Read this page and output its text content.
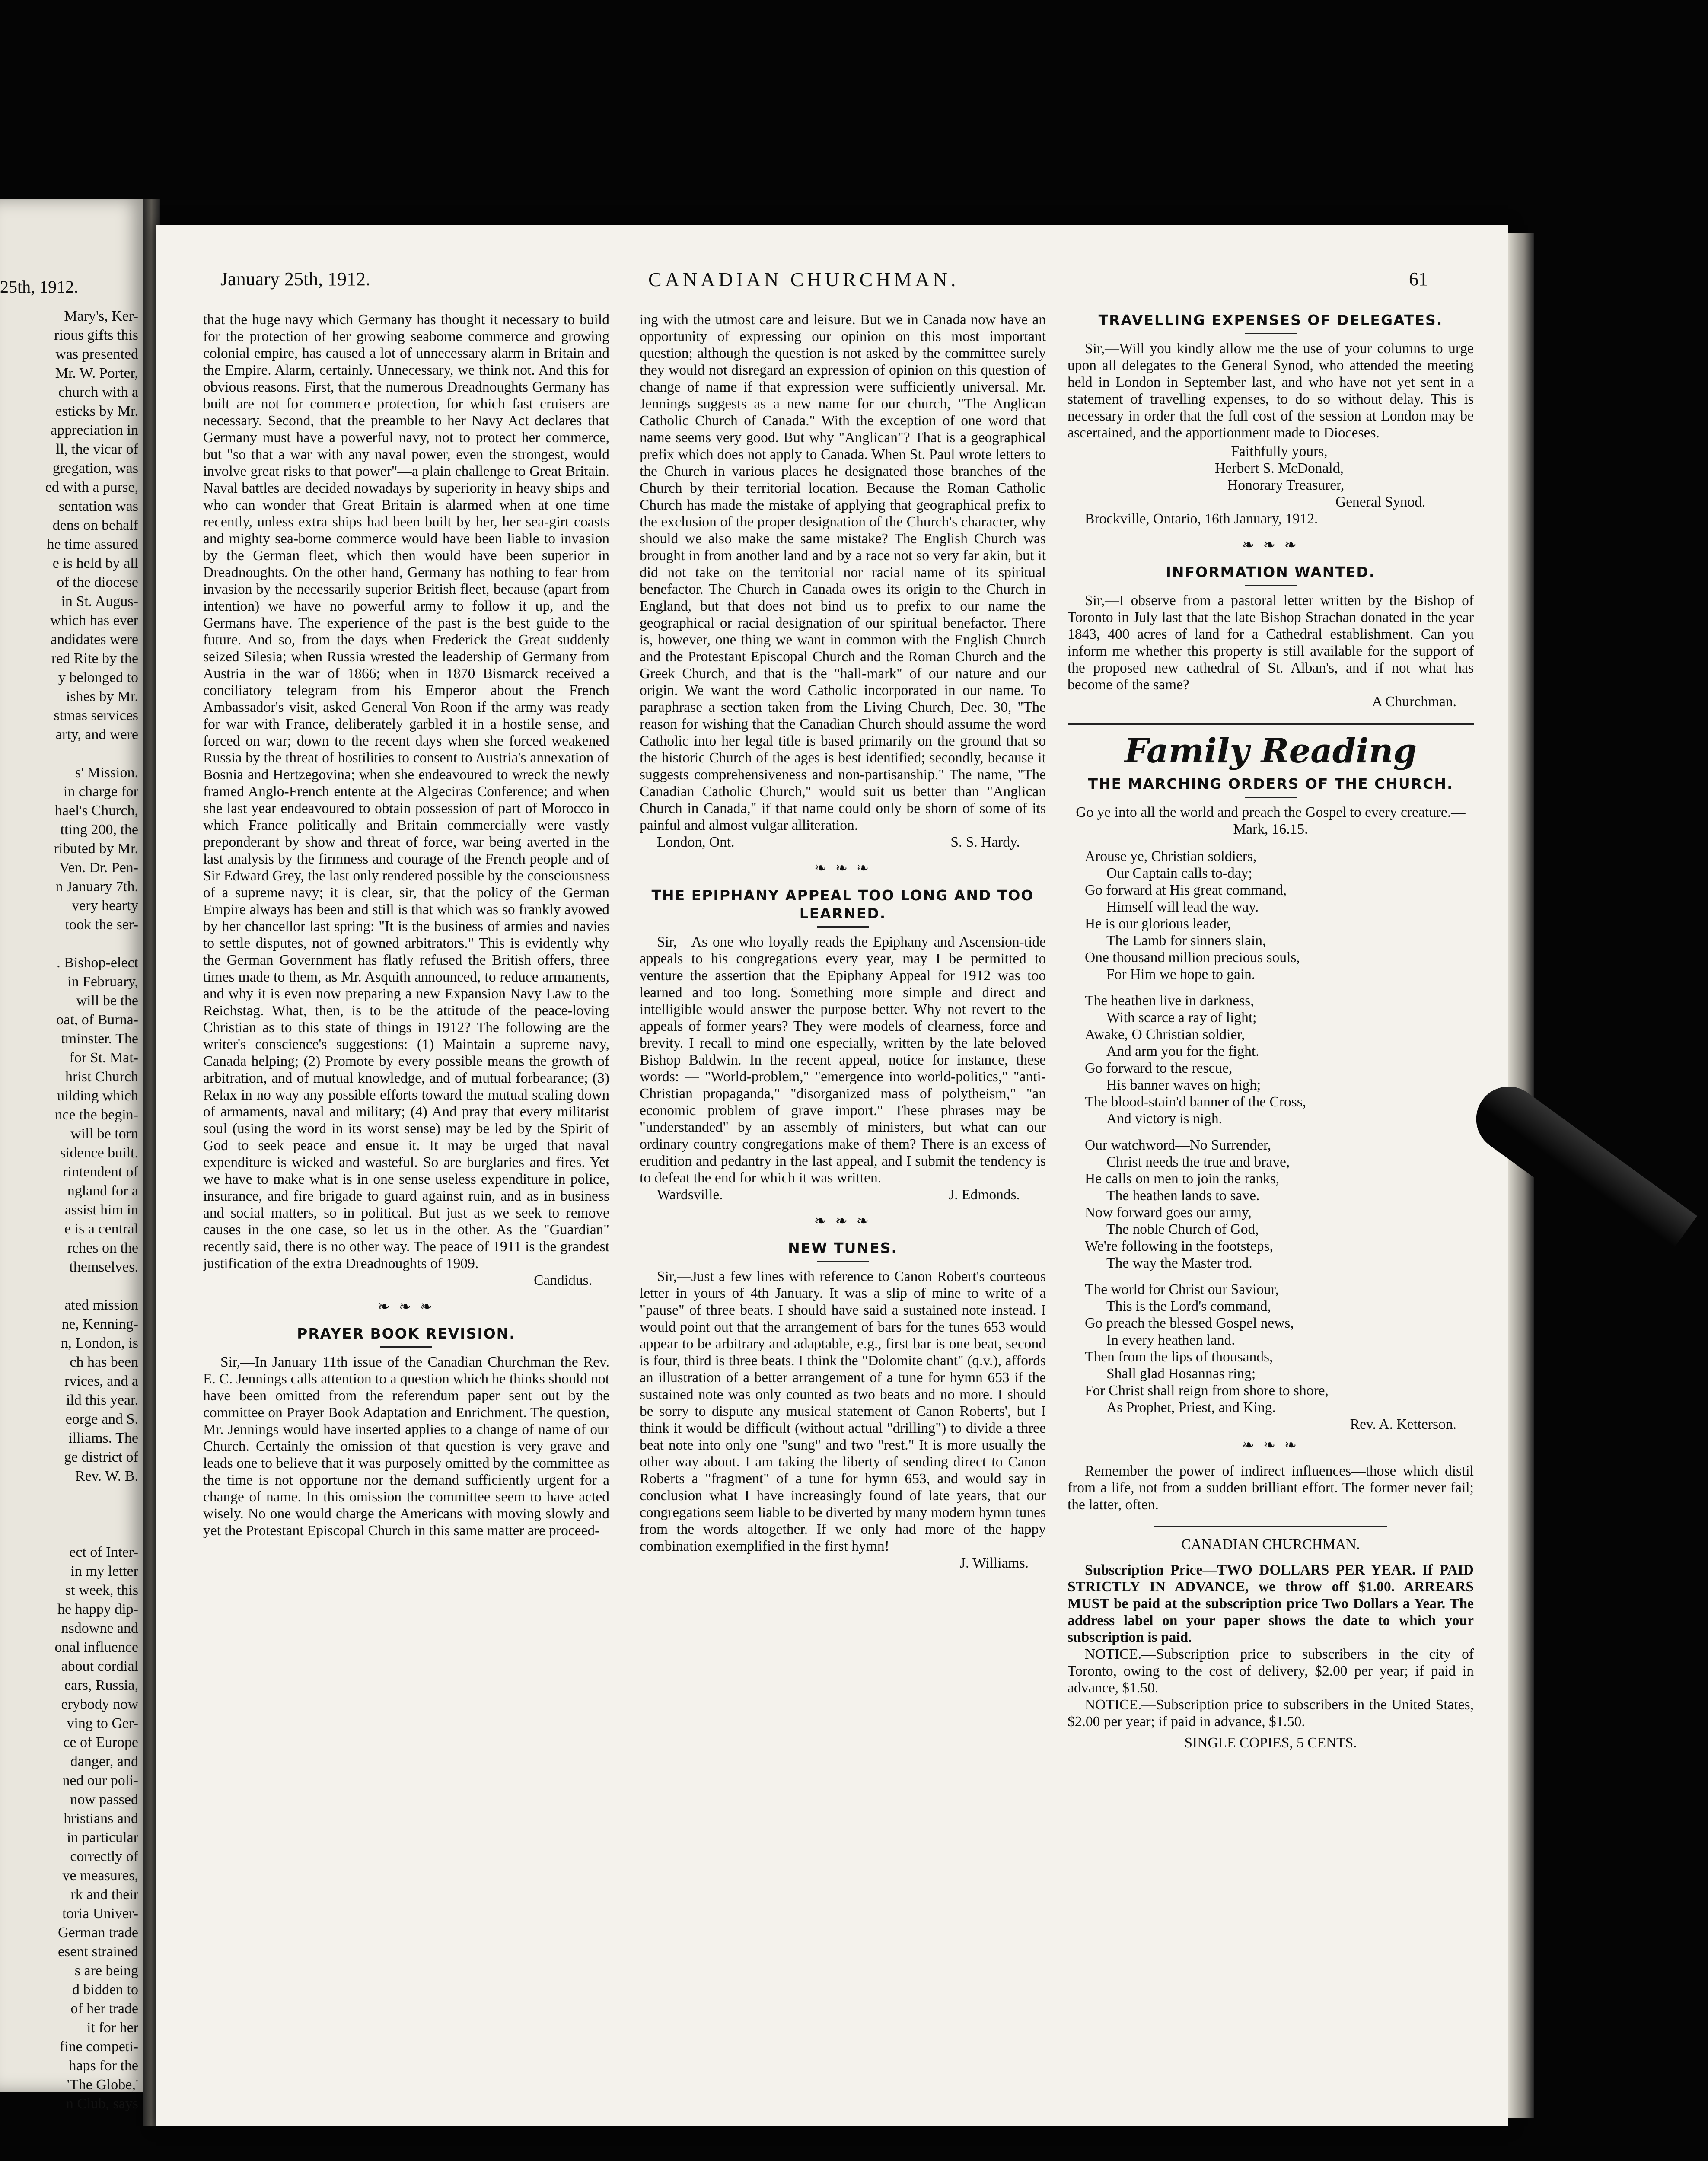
25th, 1912.
Mary's, Ker-
rious gifts this
was presented
Mr. W. Porter,
church with a
esticks by Mr.
appreciation in
ll, the vicar of
gregation, was
ed with a purse,
sentation was
dens on behalf
he time assured
e is held by all
of the diocese
in St. Augus-
which has ever
andidates were
red Rite by the
y belonged to
ishes by Mr.
stmas services
arty, and were

s' Mission.
in charge for
hael's Church,
tting 200, the
ributed by Mr.
Ven. Dr. Pen-
n January 7th.
very hearty
took the ser-

. Bishop-elect
in February,
will be the
oat, of Burna-
tminster. The
for St. Mat-
hrist Church
uilding which
nce the begin-
will be torn
sidence built.
rintendent of
ngland for a
assist him in
e is a central
rches on the
themselves.

ated mission
ne, Kenning-
n, London, is
ch has been
rvices, and a
ild this year.
eorge and S.
illiams. The
ge district of
Rev. W. B.

ect of Inter-
in my letter
st week, this
he happy dip-
nsdowne and
onal influence
about cordial
ears, Russia,
erybody now
ving to Ger-
ce of Europe
danger, and
ned our poli-
now passed
hristians and
in particular
correctly of
ve measures,
rk and their
toria Univer-
German trade
esent strained
s are being
d bidden to
of her trade
it for her
fine competi-
haps for the
'The Globe,'
n Club, says
January 25th, 1912.	CANADIAN CHURCHMAN.	61

that the huge navy which Germany has thought it necessary to build for the protection of her growing seaborne commerce and growing colonial empire, has caused a lot of unnecessary alarm in Britain and the Empire. Alarm, certainly. Unnecessary, we think not. And this for obvious reasons. First, that the numerous Dreadnoughts Germany has built are not for commerce protection, for which fast cruisers are necessary. Second, that the preamble to her Navy Act declares that Germany must have a powerful navy, not to protect her commerce, but "so that a war with any naval power, even the strongest, would involve great risks to that power"—a plain challenge to Great Britain. Naval battles are decided nowadays by superiority in heavy ships and who can wonder that Great Britain is alarmed when at one time recently, unless extra ships had been built by her, her sea-girt coasts and mighty sea-borne commerce would have been liable to invasion by the German fleet, which then would have been superior in Dreadnoughts. On the other hand, Germany has nothing to fear from invasion by the necessarily superior British fleet, because (apart from intention) we have no powerful army to follow it up, and the Germans have. The experience of the past is the best guide to the future. And so, from the days when Frederick the Great suddenly seized Silesia; when Russia wrested the leadership of Germany from Austria in the war of 1866; when in 1870 Bismarck received a conciliatory telegram from his Emperor about the French Ambassador's visit, asked General Von Roon if the army was ready for war with France, deliberately garbled it in a hostile sense, and forced on war; down to the recent days when she forced weakened Russia by the threat of hostilities to consent to Austria's annexation of Bosnia and Hertzegovina; when she endeavoured to wreck the newly framed Anglo-French entente at the Algeciras Conference; and when she last year endeavoured to obtain possession of part of Morocco in which France politically and Britain commercially were vastly preponderant by show and threat of force, war being averted in the last analysis by the firmness and courage of the French people and of Sir Edward Grey, the last only rendered possible by the consciousness of a supreme navy; it is clear, sir, that the policy of the German Empire always has been and still is that which was so frankly avowed by her chancellor last spring: "It is the business of armies and navies to settle disputes, not of gowned arbitrators." This is evidently why the German Government has flatly refused the British offers, three times made to them, as Mr. Asquith announced, to reduce armaments, and why it is even now preparing a new Expansion Navy Law to the Reichstag. What, then, is to be the attitude of the peace-loving Christian as to this state of things in 1912? The following are the writer's conscience's suggestions: (1) Maintain a supreme navy, Canada helping; (2) Promote by every possible means the growth of arbitration, and of mutual knowledge, and of mutual forbearance; (3) Relax in no way any possible efforts toward the mutual scaling down of armaments, naval and military; (4) And pray that every militarist soul (using the word in its worst sense) may be led by the Spirit of God to seek peace and ensue it. It may be urged that naval expenditure is wicked and wasteful. So are burglaries and fires. Yet we have to make what is in one sense useless expenditure in police, insurance, and fire brigade to guard against ruin, and as in business and social matters, so in political. But just as we seek to remove causes in the one case, so let us in the other. As the "Guardian" recently said, there is no other way. The peace of 1911 is the grandest justification of the extra Dreadnoughts of 1909.

Candidus.

❧ ❧ ❧
PRAYER BOOK REVISION.

Sir,—In January 11th issue of the Canadian Churchman the Rev. E. C. Jennings calls attention to a question which he thinks should not have been omitted from the referendum paper sent out by the committee on Prayer Book Adaptation and Enrichment. The question, Mr. Jennings would have inserted applies to a change of name of our Church. Certainly the omission of that question is very grave and leads one to believe that it was purposely omitted by the committee as the time is not opportune nor the demand sufficiently urgent for a change of name. In this omission the committee seem to have acted wisely. No one would charge the Americans with moving slowly and yet the Protestant Episcopal Church in this same matter are proceed-

ing with the utmost care and leisure. But we in Canada now have an opportunity of expressing our opinion on this most important question; although the question is not asked by the committee surely they would not disregard an expression of opinion on this question of change of name if that expression were sufficiently universal. Mr. Jennings suggests as a new name for our church, "The Anglican Catholic Church of Canada." With the exception of one word that name seems very good. But why "Anglican"? That is a geographical prefix which does not apply to Canada. When St. Paul wrote letters to the Church in various places he designated those branches of the Church by their territorial location. Because the Roman Catholic Church has made the mistake of applying that geographical prefix to the exclusion of the proper designation of the Church's character, why should we also make the same mistake? The English Church was brought in from another land and by a race not so very far akin, but it did not take on the territorial nor racial name of its spiritual benefactor. The Church in Canada owes its origin to the Church in England, but that does not bind us to prefix to our name the geographical or racial designation of our spiritual benefactor. There is, however, one thing we want in common with the English Church and the Protestant Episcopal Church and the Roman Church and the Greek Church, and that is the "hall-mark" of our nature and our origin. We want the word Catholic incorporated in our name. To paraphrase a section taken from the Living Church, Dec. 30, "The reason for wishing that the Canadian Church should assume the word Catholic into her legal title is based primarily on the ground that so the historic Church of the ages is best identified; secondly, because it suggests comprehensiveness and non-partisanship." The name, "The Canadian Catholic Church," would suit us better than "Anglican Church in Canada," if that name could only be shorn of some of its painful and almost vulgar alliteration.

London, Ont.	S. S. Hardy.
❧ ❧ ❧
THE EPIPHANY APPEAL TOO LONG AND TOO LEARNED.

Sir,—As one who loyally reads the Epiphany and Ascension-tide appeals to his congregations every year, may I be permitted to venture the assertion that the Epiphany Appeal for 1912 was too learned and too long. Something more simple and direct and intelligible would answer the purpose better. Why not revert to the appeals of former years? They were models of clearness, force and brevity. I recall to mind one especially, written by the late beloved Bishop Baldwin. In the recent appeal, notice for instance, these words: — "World-problem," "emergence into world-politics," "anti-Christian propaganda," "disorganized mass of polytheism," "an economic problem of grave import." These phrases may be "understanded" by an assembly of ministers, but what can our ordinary country congregations make of them? There is an excess of erudition and pedantry in the last appeal, and I submit the tendency is to defeat the end for which it was written.

Wardsville.	J. Edmonds.
❧ ❧ ❧
NEW TUNES.

Sir,—Just a few lines with reference to Canon Robert's courteous letter in yours of 4th January. It was a slip of mine to write of a "pause" of three beats. I should have said a sustained note instead. I would point out that the arrangement of bars for the tunes 653 would appear to be arbitrary and adaptable, e.g., first bar is one beat, second is four, third is three beats. I think the "Dolomite chant" (q.v.), affords an illustration of a better arrangement of a tune for hymn 653 if the sustained note was only counted as two beats and no more. I should be sorry to dispute any musical statement of Canon Roberts', but I think it would be difficult (without actual "drilling") to divide a three beat note into only one "sung" and two "rest." It is more usually the other way about. I am taking the liberty of sending direct to Canon Roberts a "fragment" of a tune for hymn 653, and would say in conclusion what I have increasingly found of late years, that our congregations seem liable to be diverted by many modern hymn tunes from the words altogether. If we only had more of the happy combination exemplified in the first hymn!

J. Williams.

TRAVELLING EXPENSES OF DELEGATES.

Sir,—Will you kindly allow me the use of your columns to urge upon all delegates to the General Synod, who attended the meeting held in London in September last, and who have not yet sent in a statement of travelling expenses, to do so without delay. This is necessary in order that the full cost of the session at London may be ascertained, and the apportionment made to Dioceses.

Faithfully yours,

Herbert S. McDonald,

Honorary Treasurer,

General Synod.

Brockville, Ontario, 16th January, 1912.

❧ ❧ ❧
INFORMATION WANTED.

Sir,—I observe from a pastoral letter written by the Bishop of Toronto in July last that the late Bishop Strachan donated in the year 1843, 400 acres of land for a Cathedral establishment. Can you inform me whether this property is still available for the support of the proposed new cathedral of St. Alban's, and if not what has become of the same?

A Churchman.

Family Reading
THE MARCHING ORDERS OF THE CHURCH.

Go ye into all the world and preach the Gospel to every creature.—Mark, 16.15.

Arouse ye, Christian soldiers,
Our Captain calls to-day;
Go forward at His great command,
Himself will lead the way.
He is our glorious leader,
The Lamb for sinners slain,
One thousand million precious souls,
For Him we hope to gain.

The heathen live in darkness,
With scarce a ray of light;
Awake, O Christian soldier,
And arm you for the fight.
Go forward to the rescue,
His banner waves on high;
The blood-stain'd banner of the Cross,
And victory is nigh.

Our watchword—No Surrender,
Christ needs the true and brave,
He calls on men to join the ranks,
The heathen lands to save.
Now forward goes our army,
The noble Church of God,
We're following in the footsteps,
The way the Master trod.

The world for Christ our Saviour,
This is the Lord's command,
Go preach the blessed Gospel news,
In every heathen land.
Then from the lips of thousands,
Shall glad Hosannas ring;
For Christ shall reign from shore to shore,
As Prophet, Priest, and King.

Rev. A. Ketterson.

❧ ❧ ❧

Remember the power of indirect influences—those which distil from a life, not from a sudden brilliant effort. The former never fail; the latter, often.

CANADIAN CHURCHMAN.

Subscription Price—TWO DOLLARS PER YEAR. If PAID STRICTLY IN ADVANCE, we throw off $1.00. ARREARS MUST be paid at the subscription price Two Dollars a Year. The address label on your paper shows the date to which your subscription is paid.

NOTICE.—Subscription price to subscribers in the city of Toronto, owing to the cost of delivery, $2.00 per year; if paid in advance, $1.50.

NOTICE.—Subscription price to subscribers in the United States, $2.00 per year; if paid in advance, $1.50.

SINGLE COPIES, 5 CENTS.
